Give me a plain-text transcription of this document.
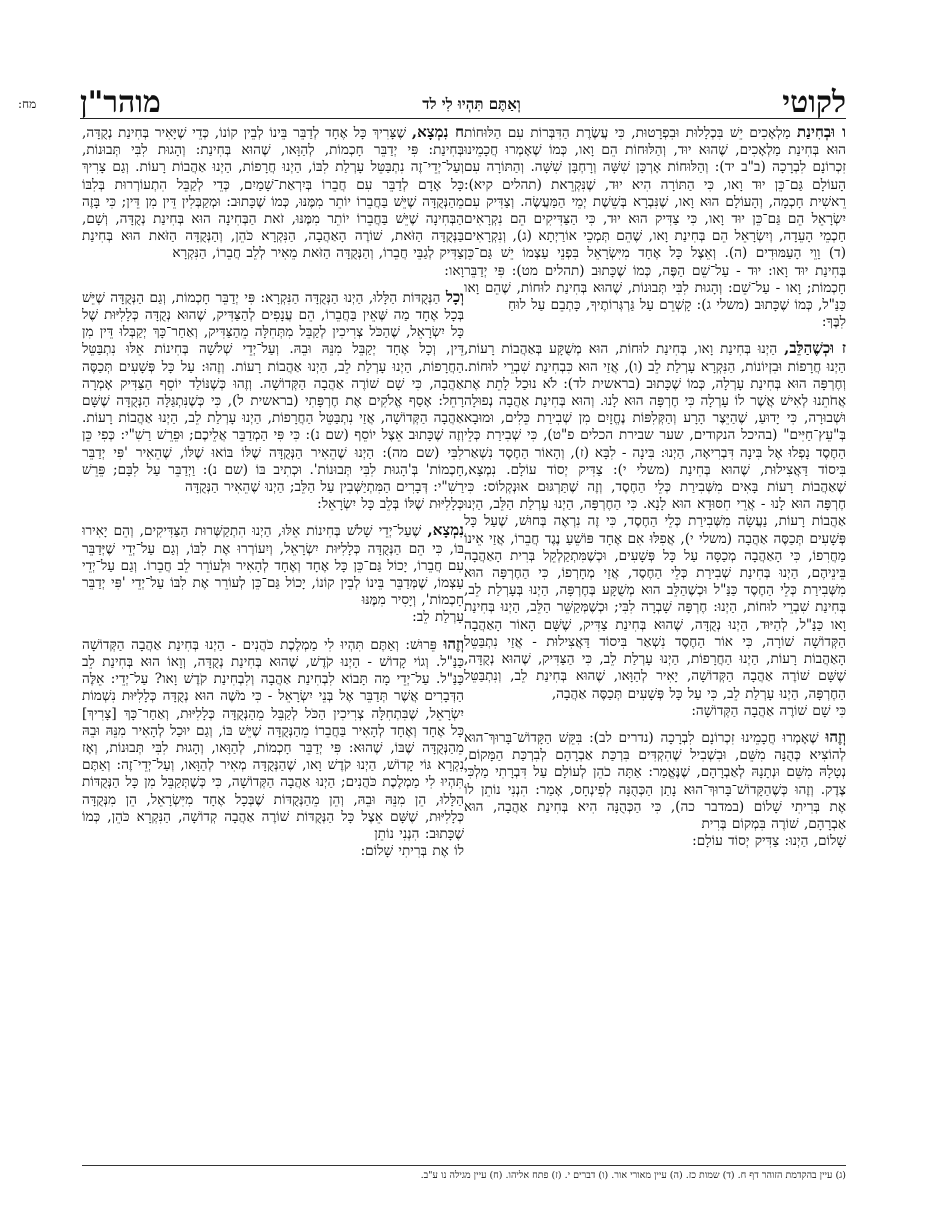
לקוטי
וְאַתֶּם תִּהְיוּ לִי לד
מוהר"ן
מח:

ו וּבְחִינַת מַלְאָכִים יֵשׁ בִּכְלָלוּת וּבִפְרָטוּת, כִּי עֲשֶׂרֶת הַדִּבְּרוֹת עִם הַלּוּחוֹת הוּא בְּחִינַת מַלְאָכִים, שֶׁהוּא יוּד, וְהַלּוּחוֹת הֵם וָאו, כְּמוֹ שֶׁאָמְרוּ חֲכָמֵינוּ זִכְרוֹנָם לִבְרָכָה (ב"ב יד): וְהַלּוּחוֹת אָרְכָּן שִׁשָּׁה וְרָחְבָּן שִׁשָּׁה. וְהַתּוֹרָה עִם הָעוֹלָם גַּם־כֵּן יוּד וָאו, כִּי הַתּוֹרָה הִיא יוּד, שֶׁנִּקְרֵאת (תהלים קיא): רֵאשִׁית חָכְמָה, וְהָעוֹלָם הוּא וָאו, שֶׁנִּבְרָא בְּשֵׁשֶׁת יְמֵי הַמַּעֲשֶׂה. וְצַדִּיק עִם יִשְׂרָאֵל הֵם גַּם־כֵּן יוּד וָאו, כִּי צַדִּיק הוּא יוּד, כִּי הַצַּדִּיקִים הֵם נִקְרָאִים חַכְמֵי הָעֵדָה, וְיִשְׂרָאֵל הֵם בְּחִינַת וָאו, שֶׁהֵם תְּמְכֵי אוֹרַיְתָא (ג), וְנִקְרָאִים (ד) וָוֵי הָעַמּוּדִים (ה). וְאֵצֶל כָּל אֶחָד מִיִּשְׂרָאֵל בִּפְנֵי עַצְמוֹ יֵשׁ גַּם־כֵּן בְּחִינַת יוּד וָאו: יוּד - עַל־שֵׁם הַפֶּה, כְּמוֹ שֶׁכָּתוּב (תהלים מט): פִּי יְדַבֵּר חָכְמוֹת; וָאו - עַל־שֵׁם: וְהָגוּת לִבִּי תְּבוּנוֹת, שֶׁהוּא בְּחִינַת לוּחוֹת, שֶׁהֵם וָאו כַּנַּ"ל, כְּמוֹ שֶׁכָּתוּב (משלי ג): קָשְׁרֵם עַל גַּרְגְּרוֹתֶיךָ, כָּתְבֵם עַל לוּחַ
לִבֶּךָ:

ז וּכְשֶׁהַלֵּב, הַיְנוּ בְּחִינַת וָאו, בְּחִינַת לוּחוֹת, הוּא מְשֻׁקָּע בְּאַהֲבוֹת רָעוֹת, הַיְנוּ חֲרָפוֹת וּבִזְיוֹנוֹת, הַנִּקְרָא עָרְלַת לֵב (ו), אֲזַי הוּא כִּבְחִינַת שִׁבְרֵי לוּחוֹת. וְחֶרְפָּה הוּא בְּחִינַת עָרְלָה, כְּמוֹ שֶׁכָּתוּב (בראשית לד): לֹא נוּכַל לָתֵת אֶת אֲחֹתֵנוּ לְאִישׁ אֲשֶׁר לוֹ עָרְלָה כִּי חֶרְפָּה הוּא לָנוּ. וְהוּא בְּחִינַת אַהֲבָה נְפוּלָה וּשְׁבוּרָה, כִּי יָדוּעַ, שֶׁהַיֵּצֶר הָרָע וְהַקְּלִפּוֹת נֶחֱזָיִם מִן שְׁבִירַת כֵּלִים, וּמוּבָא בְּ"עֵץ־חַיִּים" (בהיכל הנקודים, שער שבירת הכלים פ"ט), כִּי שְׁבִירַת כְּלֵי הַחֶסֶד נָפְלוּ אֶל בִּינָה דִּבְרִיאָה, הַיְנוּ: בִּינָה - לִבָּא (ז), וְהָאוֹר הַחֶסֶד נִשְׁאַר בִּיסוֹד דַּאֲצִילוּת, שֶׁהוּא בְּחִינַת (משלי י): צַדִּיק יְסוֹד עוֹלָם. נִמְצָא, שֶׁאַהֲבוֹת רָעוֹת בָּאִים מִשְּׁבִירַת כְּלֵי הַחֶסֶד, וְזֶה שֶׁתַּרְגּוּם אוּנְקְלוֹס: כִּי חֶרְפָּה הוּא לָנוּ - אֲרֵי חִסּוּדָא הוּא לָנָא. כִּי הַחֶרְפָּה, הַיְנוּ עָרְלַת הַלֵּב, הַיְנוּ אַהֲבוֹת רָעוֹת, נַעֲשָׂה מִשְּׁבִירַת כְּלֵי הַחֶסֶד, כִּי זֶה נִרְאֶה בְּחוּשׁ, שֶׁעַל כָּל פְּשָׁעִים תְּכַסֶּה אַהֲבָה (משלי י), אֲפִלּוּ אִם אֶחָד פּוֹשֵׁעַ נֶגֶד חֲבֵרוֹ, אֲזַי אֵינוֹ מַחֲרִפוֹ, כִּי הָאַהֲבָה מְכַסָּה עַל כָּל פְּשָׁעִים, וּכְשֶׁמִּתְקַלְקֵל בְּרִית הָאַהֲבָה בֵּינֵיהֶם, הַיְנוּ בְּחִינַת שְׁבִירַת כְּלֵי הַחֶסֶד, אֲזַי מְחָרְפוֹ, כִּי הַחֶרְפָּה הוּא מִשְּׁבִירַת כְּלֵי הַחֶסֶד כַּנַּ"ל וּכְשֶׁהַלֵּב הוּא מְשֻׁקָּע בְּחֶרְפָּה, הַיְנוּ בְּעָרְלַת לֵב, בְּחִינַת שִׁבְרֵי לוּחוֹת, הַיְנוּ: חֶרְפָּה שָׁבְרָה לִבִּי; וּכְשֶׁמְּקַשֵּׁר הַלֵּב, הַיְנוּ בְּחִינַת וָאו כַּנַּ"ל, לְהַיּוּד, הַיְנוּ נְקֻדָּה, שֶׁהוּא בְּחִינַת צַדִּיק, שֶׁשָּׁם הָאוֹר הָאַהֲבָה הַקְּדוֹשָׁה שׁוֹרָה, כִּי אוֹר הַחֶסֶד נִשְׁאַר בִּיסוֹד דַּאֲצִילוּת - אֲזַי נִתְבַּטֵּל הָאַהֲבוֹת רָעוֹת, הַיְנוּ הַחֲרָפוֹת, הַיְנוּ עָרְלַת לֵב, כִּי הַצַּדִּיק, שֶׁהוּא נְקֻדָּה, שֶׁשָּׁם שׁוֹרֶה אַהֲבָה הַקְּדוֹשָׁה, יָאִיר לְהַוָּאו, שֶׁהוּא בְּחִינַת לֵב, וְנִתְבַּטֵּל הַחֶרְפָּה, הַיְנוּ עָרְלַת לֵב, כִּי עַל כָּל פְּשָׁעִים תְּכַסֶּה אַהֲבָה,
כִּי שָׁם שׁוֹרֶה אַהֲבָה הַקְּדוֹשָׁה:

וְזֶהוּ שֶׁאָמְרוּ חֲכָמֵינוּ זִכְרוֹנָם לִבְרָכָה (נדרים לב): בִּקֵּשׁ הַקָּדוֹשׁ־בָּרוּךְ־הוּא לְהוֹצִיא כְּהֻנָּה מִשֵּׁם, וּבִשְׁבִיל שֶׁהִקְדִּים בִּרְכַּת אַבְרָהָם לְבִרְכַּת הַמָּקוֹם, נְטָלָהּ מִשֵּׁם וּנְתָנָהּ לְאַבְרָהָם, שֶׁנֶּאֱמַר: אַתָּה כֹהֵן לְעוֹלָם עַל דִּבְרָתִי מַלְכִּי צֶדֶק. וְזֶהוּ כְּשֶׁהַקָּדוֹשׁ־בָּרוּךְ־הוּא נָתַן הַכְּהֻנָּה לְפִינְחָס, אָמַר: הִנְנִי נוֹתֵן לוֹ אֶת בְּרִיתִי שָׁלוֹם (במדבר כה), כִּי הַכְּהֻנָּה הִיא בְּחִינַת אַהֲבָה, הוּא אַבְרָהָם, שׁוֹרֶה בִּמְקוֹם בְּרִית
שָׁלוֹם, הַיְנוּ: צַדִּיק יְסוֹד עוֹלָם:

ח נִמְצָא, שֶׁצָּרִיךְ כָּל אֶחָד לְדַבֵּר בֵּינוֹ לְבֵין קוֹנוֹ, כְּדֵי שֶׁיָּאִיר בְּחִינַת נְקֻדָּה, בְּחִינַת: פִּי יְדַבֵּר חָכְמוֹת, לְהַוָּאו, שֶׁהוּא בְּחִינַת: וְהָגוּת לִבִּי תְּבוּנוֹת, וְעַל־יְדֵי־זֶה נִתְבַּטֵּל עָרְלַת לִבּוֹ, הַיְנוּ חֲרָפוֹת, הַיְנוּ אַהֲבוֹת רָעוֹת. וְגַם צָרִיךְ כָּל אָדָם לְדַבֵּר עִם חֲבֵרוֹ בְּיִרְאַת־שָׁמַיִם, כְּדֵי לְקַבֵּל הִתְעוֹרְרוּת בְּלִבּוֹ מֵהַנְּקֻדָּה שֶׁיֵּשׁ בַּחֲבֵרוֹ יוֹתֵר מִמֶּנּוּ, כְּמוֹ שֶׁכָּתוּב: וּמְקַבְּלִין דֵּין מִן דֵּין; כִּי בָּזֶה הַבְּחִינָה שֶׁיֵּשׁ בַּחֲבֵרוֹ יוֹתֵר מִמֶּנּוּ, זֹאת הַבְּחִינָה הוּא בְּחִינַת נְקֻדָּה, וְשָׁם, בַּנְּקֻדָּה הַזֹּאת, שׁוֹרֶה הָאַהֲבָה, הַנִּקְרָא כֹּהֵן, וְהַנְּקֻדָּה הַזֹּאת הוּא בְּחִינַת צַדִּיק לְגַבֵּי חֲבֵרוֹ, וְהַנְּקֻדָּה הַזֹּאת מֵאִיר לְלֵב חֲבֵרוֹ, הַנִּקְרָא
וָאו:

וְכָל הַנְּקֻדּוֹת הַלָּלוּ, הַיְנוּ הַנְּקֻדָּה הַנִּקְרָא: פִּי יְדַבֵּר חָכְמוֹת, וְגַם הַנְּקֻדָּה שֶׁיֵּשׁ בְּכָל אֶחָד מַה שֶּׁאֵין בַּחֲבֵרוֹ, הֵם עֲנָפִים לְהַצַּדִּיק, שֶׁהוּא נְקֻדָּה כְּלָלִיּוּת שֶׁל כָּל יִשְׂרָאֵל, שֶׁהַכֹּל צְרִיכִין לְקַבֵּל מִתְּחִלָּה מֵהַצַּדִּיק, וְאַחַר־כָּךְ יְקַבְּלוּ דֵּין מִן דֵּין, וְכָל אֶחָד יְקַבֵּל מִנֵּהּ וּבֵהּ. וְעַל־יְדֵי שְׁלֹשָׁה בְּחִינוֹת אֵלּוּ נִתְבַּטֵּל הַחֲרָפוֹת, הַיְנוּ עָרְלַת לֵב, הַיְנוּ אַהֲבוֹת רָעוֹת. וְזֶהוּ: עַל כָּל פְּשָׁעִים תְּכַסֶּה אַהֲבָה, כִּי שָׁם שׁוֹרֶה אַהֲבָה הַקְּדוֹשָׁה. וְזֶהוּ כְּשֶׁנּוֹלַד יוֹסֵף הַצַּדִּיק אָמְרָה רָחֵל: אָסַף אֱלֹקִים אֶת חֶרְפָּתִי (בראשית ל), כִּי כְּשֶׁנִּתְגַּלָּה הַנְּקֻדָּה שֶׁשָּׁם אַהֲבָה הַקְּדוֹשָׁה, אֲזַי נִתְבַּטֵּל הַחֲרָפוֹת, הַיְנוּ עָרְלַת לֵב, הַיְנוּ אַהֲבוֹת רָעוֹת. וְזֶה שֶׁכָּתוּב אֵצֶל יוֹסֵף (שם נ): כִּי פִּי הַמְדַבֵּר אֲלֵיכֶם; וּפֵרֵשׁ רַשִׁ"י: כְּפִי כֵּן לִבִּי (שם מה): הַיְנוּ שֶׁהֵאִיר הַנְּקֻדָּה שֶׁלּוֹ בּוֹאוּ שֶׁלּוֹ, שֶׁהֵאִיר 'פִּי יְדַבֵּר חָכְמוֹת' בְּ'הָגוּת לִבִּי תְּבוּנוֹת'. וּכְתִיב בּוֹ (שם נ): וַיְדַבֵּר עַל לִבָּם; פֵּרֵשׁ רַשִׁ"י: דְּבָרִים הַמִּתְיַשְּׁבִין עַל הַלֵּב; הַיְנוּ שֶׁהֵאִיר הַנְּקֻדָּה
כְּלָלִיּוּת שֶׁלּוֹ בְּלֵב כָּל יִשְׂרָאֵל:

נִמְצָא, שֶׁעַל־יְדֵי שָׁלֹשׁ בְּחִינוֹת אֵלּוּ, הַיְנוּ הִתְקַשְּׁרוּת הַצַּדִּיקִים, וְהֵם יָאִירוּ בּוֹ, כִּי הֵם הַנְּקֻדָּה כְּלָלִיּוּת יִשְׂרָאֵל, וְיִעוֹרְרוּ אֶת לִבּוֹ, וְגַם עַל־יְדֵי שֶׁיְּדַבֵּר עִם חֲבֵרוֹ, יָכוֹל גַּם־כֵּן כָּל אֶחָד וְאֶחָד לְהָאִיר וּלְעוֹרֵר לֵב חֲבֵרוֹ. וְגַם עַל־יְדֵי עַצְמוֹ, שֶׁמְּדַבֵּר בֵּינוֹ לְבֵין קוֹנוֹ, יָכוֹל גַּם־כֵּן לְעוֹרֵר אֶת לִבּוֹ עַל־יְדֵי 'פִּי יְדַבֵּר חָכְמוֹת', וְיָסִיר מִמֶּנּוּ
עָרְלַת לֵב:

וְזֶהוּ פֵּרוּשׁ: וְאַתֶּם תִּהְיוּ לִי מַמְלֶכֶת כֹּהֲנִים - הַיְנוּ בְּחִינַת אַהֲבָה הַקְּדוֹשָׁה כַּנַּ"ל. וְגוֹי קָדוֹשׁ - הַיְנוּ קֹדֶשׁ, שֶׁהוּא בְּחִינַת נְקֻדָּה, וְוָאוֹ הוּא בְּחִינַת לֵב כַּנַּ"ל. עַל־יְדֵי מָה תָּבוֹא לִבְחִינַת אַהֲבָה וְלִבְחִינַת קֹדֶשׁ וָאו? עַל־יְדֵי: אֵלֶּה הַדְּבָרִים אֲשֶׁר תְּדַבֵּר אֶל בְּנֵי יִשְׂרָאֵל - כִּי מֹשֶׁה הוּא נְקֻדָּה כְּלָלִיּוּת נִשְׁמוֹת יִשְׂרָאֵל, שֶׁבִּתְחִלָּה צְרִיכִין הַכֹּל לְקַבֵּל מֵהַנְּקֻדָּה כְּלָלִיּוּת, וְאַחַר־כָּךְ [צָרִיךְ] כָּל אֶחָד וְאֶחָד לְהָאִיר בַּחֲבֵרוֹ מֵהַנְּקֻדָּה שֶׁיֵּשׁ בּוֹ, וְגַם יוּכַל לְהָאִיר מִנֵּהּ וּבֵהּ מֵהַנְּקֻדָּה שֶׁבּוֹ, שֶׁהוּא: פִּי יְדַבֵּר חָכְמוֹת, לְהַוָּאו, וְהָגוּת לִבִּי תְּבוּנוֹת, וְאָז נִקְרָא גּוֹי קָדוֹשׁ, הַיְנוּ קֹדֶשׁ וָאו, שֶׁהַנְּקֻדָּה מְאִיר לְהַוָּאו, וְעַל־יְדֵי־זֶה: וְאַתֶּם תִּהְיוּ לִי מַמְלֶכֶת כֹּהֲנִים; הַיְנוּ אַהֲבָה הַקְּדוֹשָׁה, כִּי כְּשֶׁתְּקַבֵּל מִן כָּל הַנְּקֻדּוֹת הַלָּלוּ, הֵן מִנֵּהּ וּבֵהּ, וְהֵן מֵהַנְּקֻדּוֹת שֶׁבְּכָל אֶחָד מִיִּשְׂרָאֵל, הֵן מִנְּקֻדָּה כְּלָלִיּוּת, שֶׁשָּׁם אֵצֶל כָּל הַנְּקֻדּוֹת שׁוֹרֶה אַהֲבָה קְדוֹשָׁה, הַנִּקְרָא כֹּהֵן, כְּמוֹ שֶׁכָּתוּב: הִנְנִי נוֹתֵן
לוֹ אֶת בְּרִיתִי שָׁלוֹם:

(ג) עיין בהקדמת הזוהר דף ח. (ד) שמות כז. (ה) עיין מאורי אור. (ו) דברים י. (ז) פתח אליהו. (ח) עיין מגילה נו ע"ב.
